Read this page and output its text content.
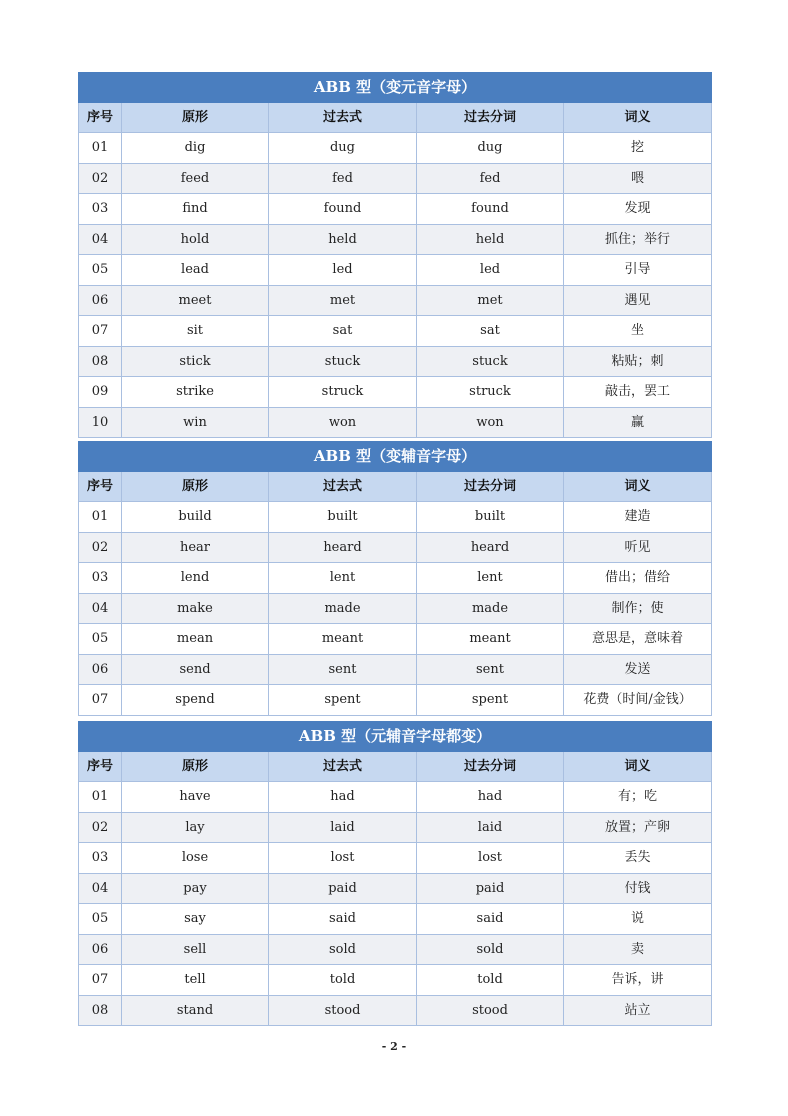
ABB 型（变元音字母）				
序号	原形	过去式	过去分词	词义
01	dig	dug	dug	挖
02	feed	fed	fed	喂
03	find	found	found	发现
04	hold	held	held	抓住；举行
05	lead	led	led	引导
06	meet	met	met	遇见
07	sit	sat	sat	坐
08	stick	stuck	stuck	粘贴；刺
09	strike	struck	struck	敲击，罢工
10	win	won	won	赢
ABB 型（变辅音字母）				
序号	原形	过去式	过去分词	词义
01	build	built	built	建造
02	hear	heard	heard	听见
03	lend	lent	lent	借出；借给
04	make	made	made	制作；使
05	mean	meant	meant	意思是，意味着
06	send	sent	sent	发送
07	spend	spent	spent	花费（时间/金钱）
ABB 型（元辅音字母都变）				
序号	原形	过去式	过去分词	词义
01	have	had	had	有；吃
02	lay	laid	laid	放置；产卵
03	lose	lost	lost	丢失
04	pay	paid	paid	付钱
05	say	said	said	说
06	sell	sold	sold	卖
07	tell	told	told	告诉，讲
08	stand	stood	stood	站立
- 2 -
